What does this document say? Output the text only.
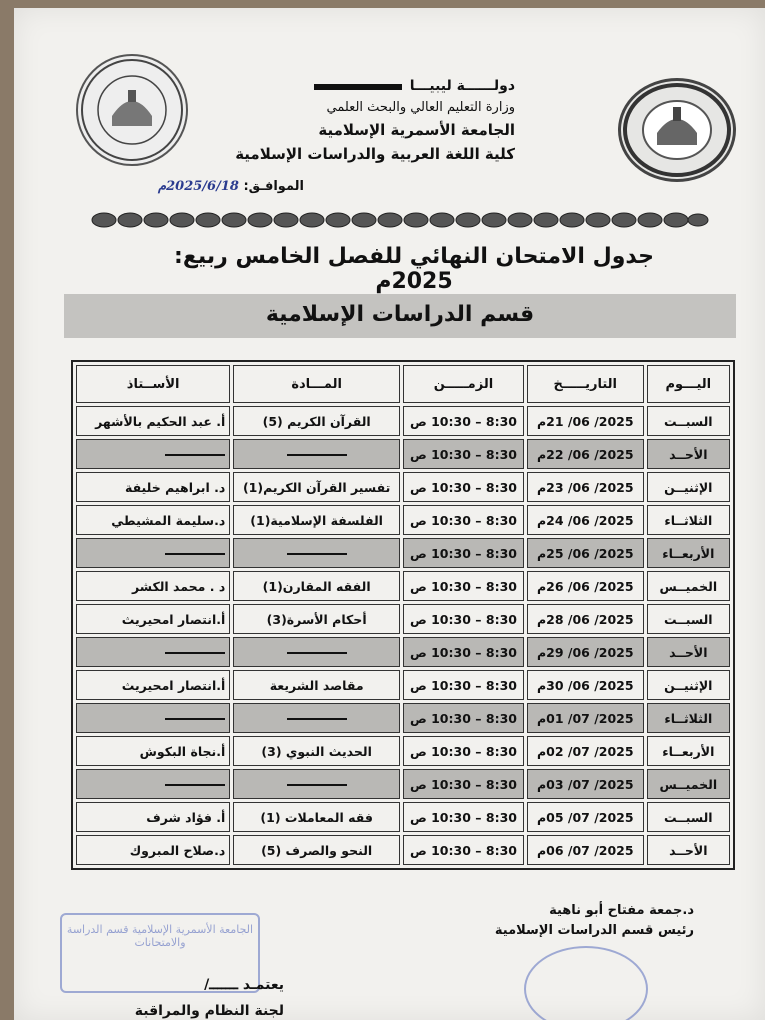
دولــــــة ليبيـــا
وزارة التعليم العالي والبحث العلمي
الجامعة الأسمرية الإسلامية
كلية اللغة العربية والدراسات الإسلامية
الموافـق: 2025/6/18م
جدول الامتحان النهائي للفصل الخامس ربيع: 2025م
قسم الدراسات الإسلامية
اليـــوم	التاريـــــخ	الزمـــــن	المـــادة	الأســتاذ
السبــت	2025/ 06/ 21م	8:30 – 10:30 ص	القرآن الكريم (5)	أ. عبد الحكيم بالأشهر
الأحــد	2025/ 06/ 22م	8:30 – 10:30 ص		
الإثنيــن	2025/ 06/ 23م	8:30 – 10:30 ص	تفسير القرآن الكريم(1)	د. ابراهيم خليفة
الثلاثــاء	2025/ 06/ 24م	8:30 – 10:30 ص	الفلسفة الإسلامية(1)	د.سليمة المشيطي
الأربعــاء	2025/ 06/ 25م	8:30 – 10:30 ص		
الخميــس	2025/ 06/ 26م	8:30 – 10:30 ص	الفقه المقارن(1)	د . محمد الكشر
السبــت	2025/ 06/ 28م	8:30 – 10:30 ص	أحكام الأسرة(3)	أ.انتصار امحيريث
الأحــد	2025/ 06/ 29م	8:30 – 10:30 ص		
الإثنيــن	2025/ 06/ 30م	8:30 – 10:30 ص	مقاصد الشريعة	أ.انتصار امحيريث
الثلاثــاء	2025/ 07/ 01م	8:30 – 10:30 ص		
الأربعــاء	2025/ 07/ 02م	8:30 – 10:30 ص	الحديث النبوي (3)	أ.نجاة البكوش
الخميــس	2025/ 07/ 03م	8:30 – 10:30 ص		
السبــت	2025/ 07/ 05م	8:30 – 10:30 ص	فقه المعاملات (1)	أ. فؤاد شرف
الأحــد	2025/ 07/ 06م	8:30 – 10:30 ص	النحو والصرف (5)	د.صلاح المبروك
د.جمعة مفتاح أبو ناهية
رئيس قسم الدراسات الإسلامية
الجامعة الأسمرية الإسلامية قسم الدراسة والامتحانات
يعتمـد ـــــــ/
لجنة النظام والمراقبة
